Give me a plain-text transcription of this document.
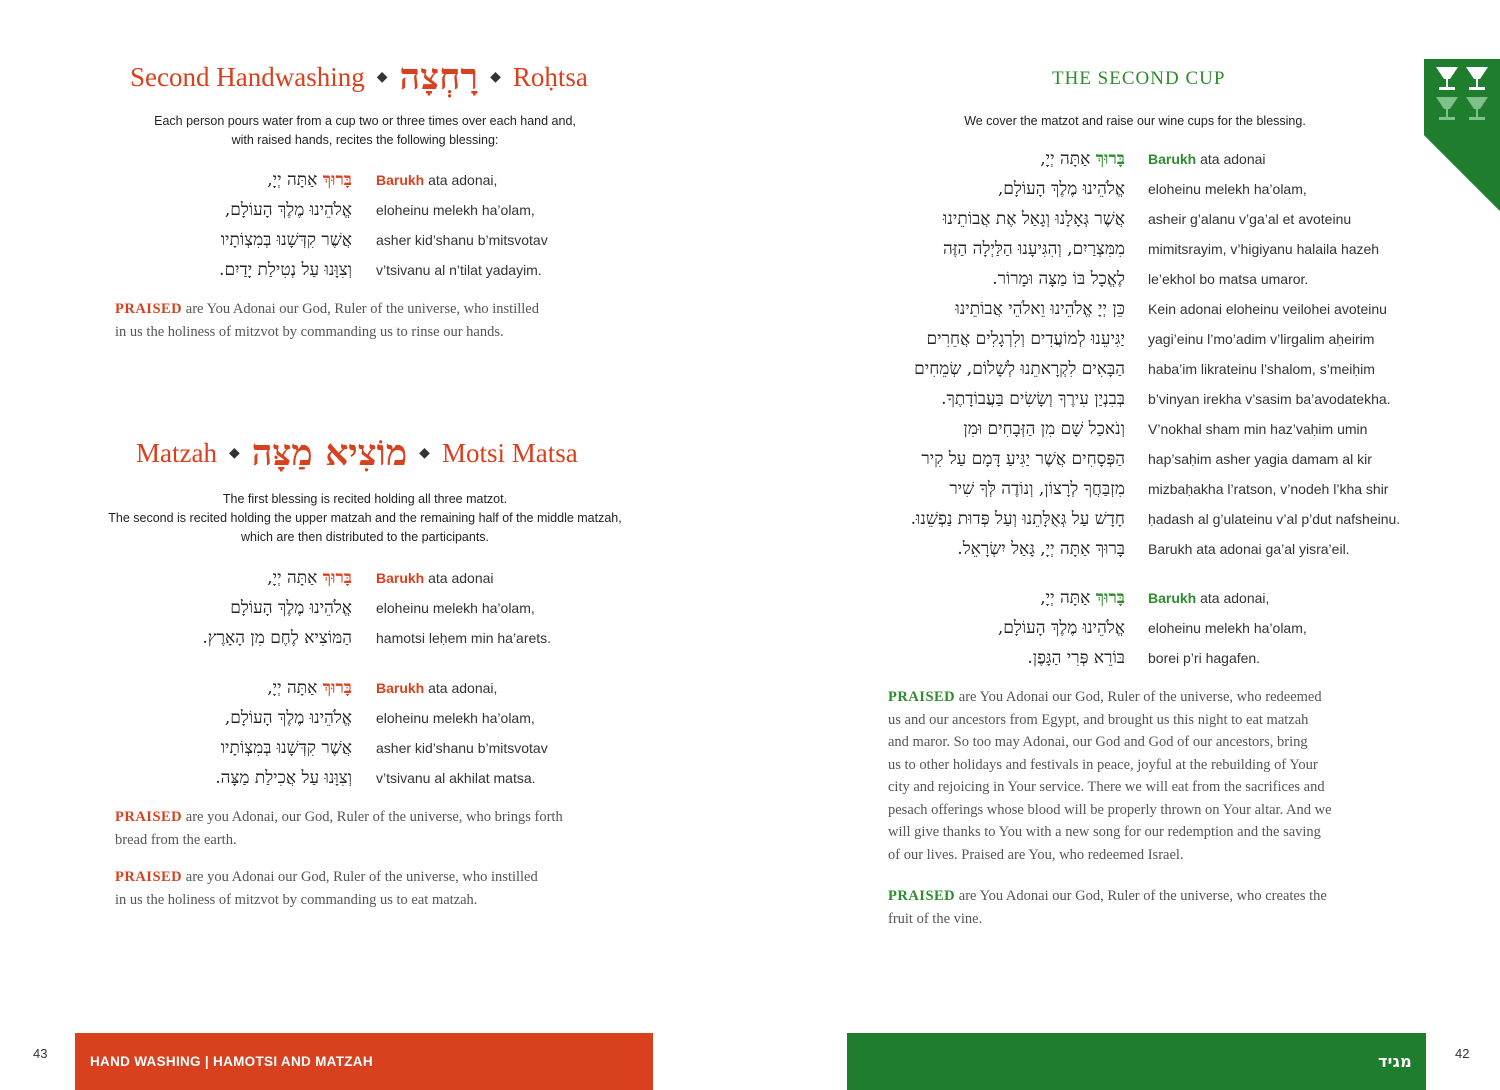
Second Handwashing ◆ רָחְצָה ◆ Roḥtsa
Each person pours water from a cup two or three times over each hand and,
with raised hands, recites the following blessing:
בָּרוּךְ אַתָּה יְיָ,	Barukh ata adonai,
אֱלֹהֵינוּ מֶלֶךְ הָעוֹלָם, eloheinu melekh ha’olam,
אֲשֶׁר קִדְּשָׁנוּ בְּמִצְוֹתָיו asher kid’shanu b’mitsvotav
וְצִוָּנוּ עַל נְטִילַת יָדַיִם. v’tsivanu al n’tilat yadayim.
PRAISED are You Adonai our God, Ruler of the universe, who instilled
in us the holiness of mitzvot by commanding us to rinse our hands.
Matzah ◆ מוֹצִיא מַצָּה ◆ Motsi Matsa
The first blessing is recited holding all three matzot.
The second is recited holding the upper matzah and the remaining half of the middle matzah,
which are then distributed to the participants.
בָּרוּךְ אַתָּה יְיָ,	Barukh ata adonai
אֱלֹהֵינוּ מֶלֶךְ הָעוֹלָם eloheinu melekh ha’olam,
הַמּוֹצִיא לֶחֶם מִן הָאָרֶץ. hamotsi leḥem min ha’arets.
בָּרוּךְ אַתָּה יְיָ,	Barukh ata adonai,
אֱלֹהֵינוּ מֶלֶךְ הָעוֹלָם, eloheinu melekh ha’olam,
אֲשֶׁר קִדְּשָׁנוּ בְּמִצְוֹתָיו asher kid’shanu b’mitsvotav
וְצִוָּנוּ עַל אֲכִילַת מַצָּה. v’tsivanu al akhilat matsa.
PRAISED are you Adonai, our God, Ruler of the universe, who brings forth
bread from the earth.
PRAISED are you Adonai our God, Ruler of the universe, who instilled
in us the holiness of mitzvot by commanding us to eat matzah.
43
HAND WASHING | HAMOTSI AND MATZAH
THE SECOND CUP
We cover the matzot and raise our wine cups for the blessing.
בָּרוּךְ אַתָּה יְיָ,	Barukh ata adonai
אֱלֹהֵינוּ מֶלֶךְ הָעוֹלָם, eloheinu melekh ha’olam,
אֲשֶׁר גְּאָלָנוּ וְגָאַל אֶת אֲבוֹתֵינוּ asheir g’alanu v’ga’al et avoteinu
מִמִּצְרַיִם, וְהִגִּיעָנוּ הַלַּיְלָה הַזֶּה mimitsrayim, v’higiyanu halaila hazeh
לֶאֱכָל בּוֹ מַצָּה וּמָרוֹר. le’ekhol bo matsa umaror.
כֵּן יְיָ אֱלֹהֵינוּ וֵאלֹהֵי אֲבוֹתֵינוּ Kein adonai eloheinu veilohei avoteinu
יַגִּיעֵנוּ לְמוֹעֲדִים וְלִרְגָלִים אֲחֵרִים yagi’einu l’mo’adim v’lirgalim aḥeirim
הַבָּאִים לִקְרָאתֵנוּ לְשָׁלוֹם, שְׂמֵחִים haba’im likrateinu l’shalom, s’meiḥim
בְּבִנְיַן עִירֶךָ וְשָׂשִׂים בַּעֲבוֹדָתֶךָ. b’vinyan irekha v’sasim ba’avodatekha.
וְנֹאכַל שָׁם מִן הַזְּבָחִים וּמִן V’nokhal sham min haz’vaḥim umin
הַפְּסָחִים אֲשֶׁר יַגִּיעַ דָּמָם עַל קִיר hap’saḥim asher yagia damam al kir
מִזְבַּחֲךָ לְרָצוֹן, וְנוֹדֶה לְּךָ שִׁיר mizbaḥakha l’ratson, v’nodeh l’kha shir
חָדָשׁ עַל גְּאֻלָּתֵנוּ וְעַל פְּדוּת נַפְשֵׁנוּ. ḥadash al g’ulateinu v’al p’dut nafsheinu.
בָּרוּךְ אַתָּה יְיָ, גָּאַל יִשְׂרָאֵל. Barukh ata adonai ga’al yisra’eil.
בָּרוּךְ אַתָּה יְיָ,	Barukh ata adonai,
אֱלֹהֵינוּ מֶלֶךְ הָעוֹלָם, eloheinu melekh ha’olam,
בּוֹרֵא פְּרִי הַגָּפֶן. borei p’ri hagafen.
PRAISED are You Adonai our God, Ruler of the universe, who redeemed
us and our ancestors from Egypt, and brought us this night to eat matzah
and maror. So too may Adonai, our God and God of our ancestors, bring
us to other holidays and festivals in peace, joyful at the rebuilding of Your
city and rejoicing in Your service. There we will eat from the sacrifices and
pesach offerings whose blood will be properly thrown on Your altar. And we
will give thanks to You with a new song for our redemption and the saving
of our lives. Praised are You, who redeemed Israel.
PRAISED are You Adonai our God, Ruler of the universe, who creates the
fruit of the vine.
מגיד	42
